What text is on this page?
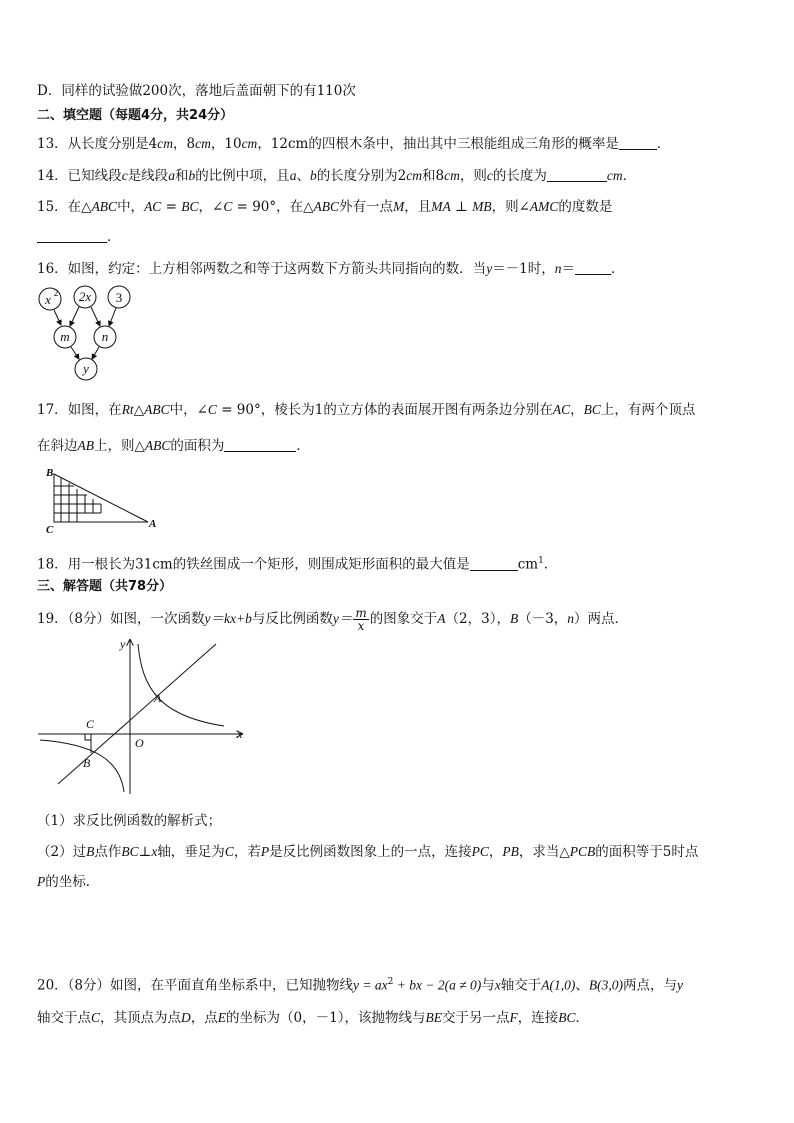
D．同样的试验做200次，落地后盖面朝下的有110次
二、填空题（每题4分，共24分）
13．从长度分别是4cm，8cm，10cm，12cm的四根木条中，抽出其中三根能组成三角形的概率是	．
14．已知线段c是线段a和b的比例中项，且a、b的长度分别为2cm和8cm，则c的长度为	cm．
15．在△ABC中，AC = BC，∠C = 90°，在△ABC外有一点M，且MA ⊥ MB，则∠AMC的度数是
．
16．如图，约定：上方相邻两数之和等于这两数下方箭头共同指向的数．当y＝－1时，n＝	．
x 2 2x 3
m n
y
17．如图，在Rt△ABC中，∠C = 90°，棱长为1的立方体的表面展开图有两条边分别在AC，BC上，有两个顶点
在斜边AB上，则△ABC的面积为	．
B
C	A
18．用一根长为31cm的铁丝围成一个矩形，则围成矩形面积的最大值是	$cm^1$．
三、解答题（共78分）
19．（8分）如图，一次函数y＝kx+b与反比例函数$y= \frac{m}{x}$ 的图象交于A（2，3），B（－3，n）两点．
y
x
A
C
O
B
（1）求反比例函数的解析式；
（2）过B点作BC⊥x轴，垂足为C，若P是反比例函数图象上的一点，连接PC，PB，求当△PCB的面积等于5时点
P的坐标．
20．（8分）如图，在平面直角坐标系中，已知抛物线$y = ax^2$ + bx − 2(a ≠ 0)与x轴交于A(1,0)、B(3,0)两点，与y
轴交于点C，其顶点为点D，点E的坐标为（0，－1），该抛物线与BE交于另一点F，连接BC．
